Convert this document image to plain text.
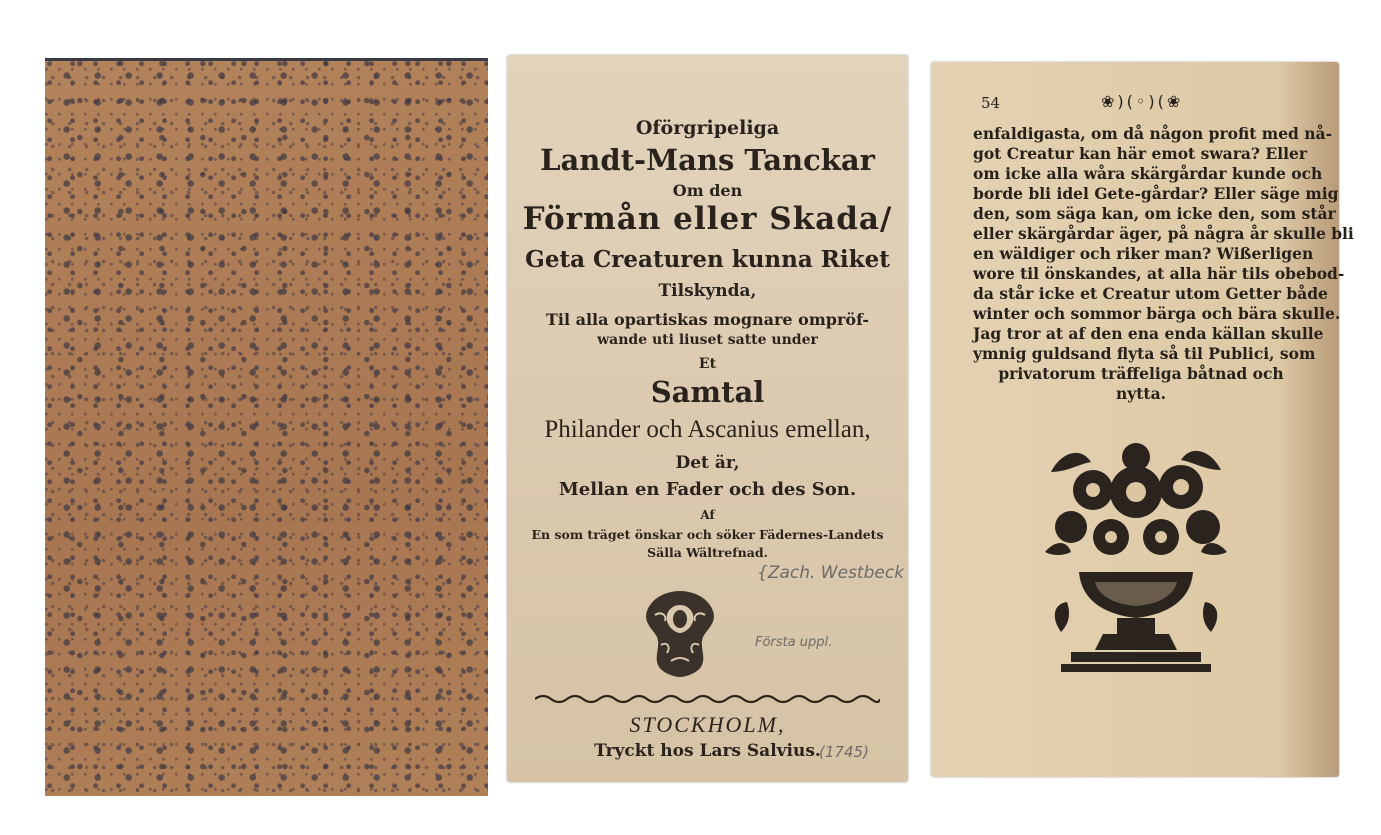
Oförgripeliga
Landt-Mans Tanckar
Om den
Förmån eller Skada/
Geta Creaturen kunna Riket
Tilskynda,
Til alla opartiskas mognare ompröf-
wande uti liuset satte under
Et
Samtal
Philander och Ascanius emellan,
Det är,
Mellan en Fader och des Son.
Af
En som träget önskar och söker Fädernes-Landets
Sälla Wältrefnad.
{Zach. Westbeck
Första uppl.
STOCKHOLM,
Tryckt hos Lars Salvius.
(1745)
54	❀)(◦)(❀
enfaldigasta, om då någon profit med nå-
got Creatur kan här emot swara? Eller
om icke alla wåra skärgårdar kunde och
borde bli idel Gete-gårdar? Eller säge mig
den, som säga kan, om icke den, som står
eller skärgårdar äger, på några år skulle bli
en wäldiger och riker man? Wißerligen
wore til önskandes, at alla här tils obebod-
da står icke et Creatur utom Getter både
winter och sommor bärga och bära skulle.
Jag tror at af den ena enda källan skulle
ymnig guldsand flyta så til Publici, som
privatorum träffeliga båtnad och
nytta.
